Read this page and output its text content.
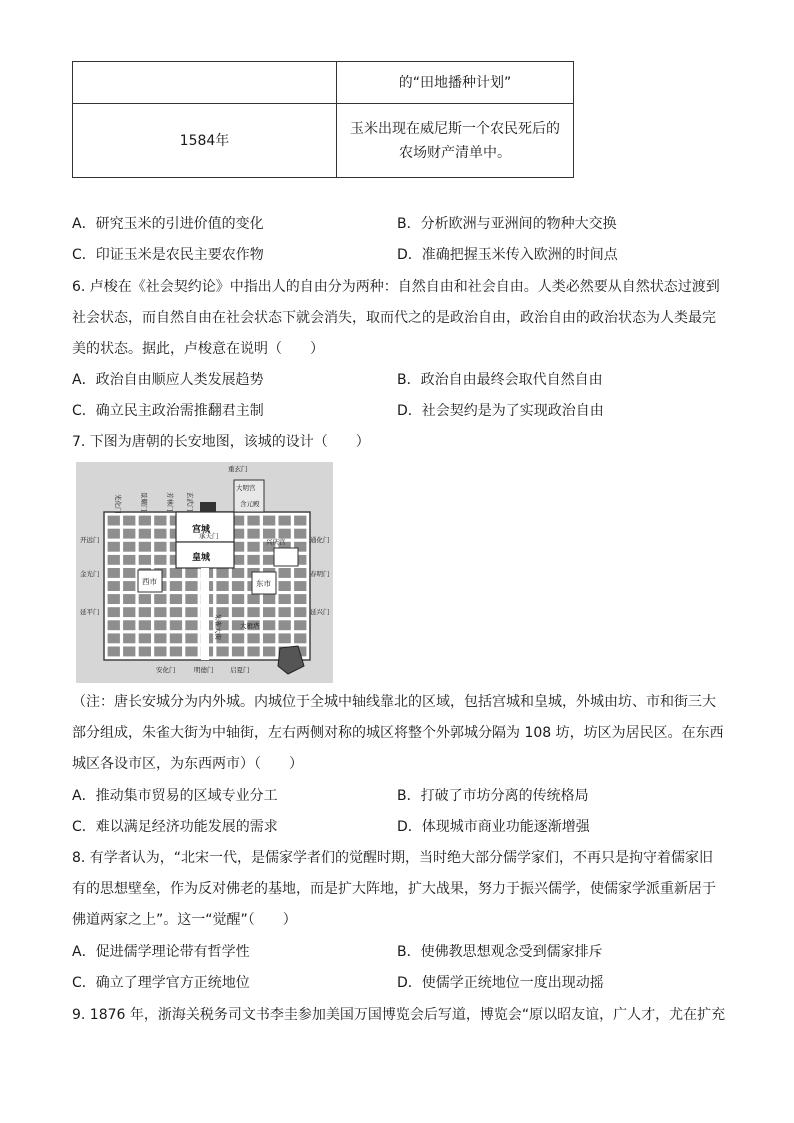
	的“田地播种计划”
1584年	玉米出现在威尼斯一个农民死后的
农场财产清单中。
A．研究玉米的引进价值的变化	B．分析欧洲与亚洲间的物种大交换
C．印证玉米是农民主要农作物	D．准确把握玉米传入欧洲的时间点
6. 卢梭在《社会契约论》中指出人的自由分为两种：自然自由和社会自由。人类必然要从自然状态过渡到
社会状态，而自然自由在社会状态下就会消失，取而代之的是政治自由，政治自由的政治状态为人类最完
美的状态。据此，卢梭意在说明（　　）
A．政治自由顺应人类发展趋势	B．政治自由最终会取代自然自由
C．确立民主政治需推翻君主制	D．社会契约是为了实现政治自由
7. 下图为唐朝的长安地图，该城的设计（　　）
重玄门
光化门	景耀门	芳林门 玄武门
大明宫
含元殿
兴庆宫
开远门
金光门
延平门
通化门
春明门
延兴门
大雁塔
安化门	明德门	启夏门
承天门
朱雀大街
宫城
皇城
西市	东市
（注：唐长安城分为内外城。内城位于全城中轴线靠北的区域，包括宫城和皇城，外城由坊、市和街三大
部分组成，朱雀大街为中轴街，左右两侧对称的城区将整个外郭城分隔为 108 坊，坊区为居民区。在东西
城区各设市区，为东西两市）（　　）
A．推动集市贸易的区域专业分工	B．打破了市坊分离的传统格局
C．难以满足经济功能发展的需求	D．体现城市商业功能逐渐增强
8. 有学者认为，“北宋一代，是儒家学者们的觉醒时期，当时绝大部分儒学家们，不再只是拘守着儒家旧
有的思想壁垒，作为反对佛老的基地，而是扩大阵地，扩大战果，努力于振兴儒学，使儒家学派重新居于
佛道两家之上”。这一“觉醒”（　　）
A．促进儒学理论带有哲学性	B．使佛教思想观念受到儒家排斥
C．确立了理学官方正统地位	D．使儒学正统地位一度出现动摇
9. 1876 年，浙海关税务司文书李圭参加美国万国博览会后写道，博览会“原以昭友谊，广人才，尤在扩充
